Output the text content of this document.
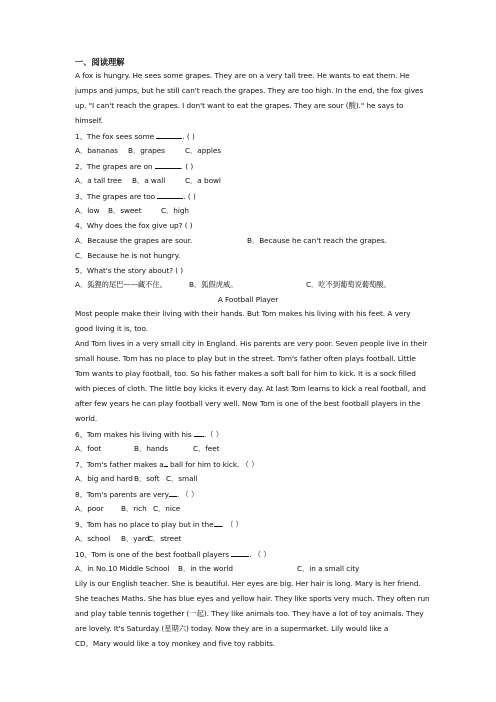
一、阅读理解
A fox is hungry. He sees some grapes. They are on a very tall tree. He wants to eat them. He
jumps and jumps, but he still can't reach the grapes. They are too high. In the end, the fox gives
up. "I can't reach the grapes. I don't want to eat the grapes. They are sour (酸)." he says to
himself.
1、The fox sees some	. ( )
A．bananas B．grapes	C．apples
2、The grapes are on	. ( )
A．a tall tree B．a wall	C．a bowl
3、The grapes are too	. ( )
A．low B．sweet	C．high
4、Why does the fox give up? ( )
A．Because the grapes are sour.	B．Because he can't reach the grapes.
C．Because he is not hungry.
5、What's the story about? ( )
A．狐狸的尾巴——藏不住。	B．狐假虎威。	C．吃不到葡萄说葡萄酸。
A Football Player
Most people make their living with their hands. But Tom makes his living with his feet. A very
good living it is, too.
And Tom lives in a very small city in England. His parents are very poor. Seven people live in their
small house. Tom has no place to play but in the street. Tom's father often plays football. Little
Tom wants to play football, too. So his father makes a soft ball for him to kick. It is a sock filled
with pieces of cloth. The little boy kicks it every day. At last Tom learns to kick a real football, and
after few years he can play football very well. Now Tom is one of the best football players in the
world.
6、Tom makes his living with his .（ ）
A．foot	B．hands	C．feet
7、Tom's father makes a ball for him to kick. （ ）
A．big and hard B．soft C．small
8、Tom's parents are very . （ ）
A．poor B．rich C．nice
9、Tom has no place to play but in the . （ ）
A．school B．yard
C．street
10、Tom is one of the best football players	. （ ）
A．in No.10 Middle School B．in the world	C．in a small city
Lily is our English teacher. She is beautiful. Her eyes are big. Her hair is long. Mary is her friend.
She teaches Maths. She has blue eyes and yellow hair. They like sports very much. They often run
and play table tennis together (一起). They like animals too. They have a lot of toy animals. They
are lovely. It's Saturday (星期六) today. Now they are in a supermarket. Lily would like a
CD。Mary would like a toy monkey and five toy rabbits.
